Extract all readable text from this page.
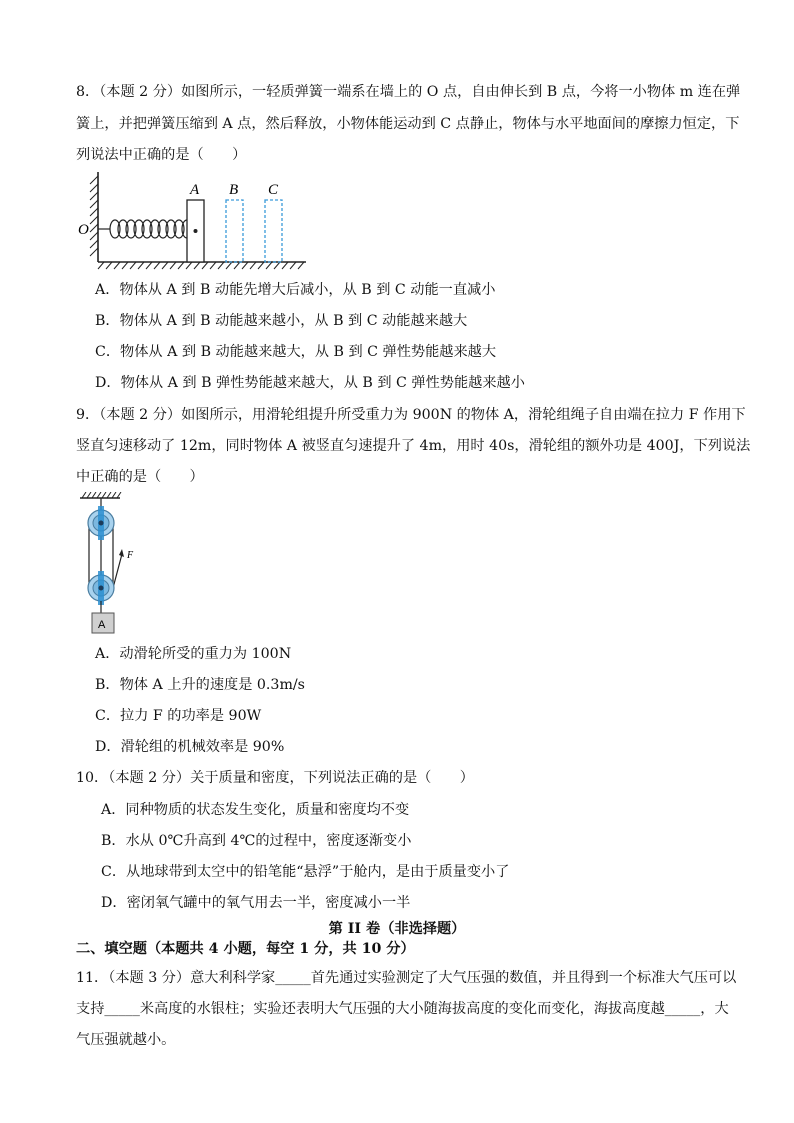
8．（本题 2 分）如图所示，一轻质弹簧一端系在墙上的 O 点，自由伸长到 B 点，今将一小物体 m 连在弹
簧上，并把弹簧压缩到 A 点，然后释放，小物体能运动到 C 点静止，物体与水平地面间的摩擦力恒定，下
列说法中正确的是（　　）
O
A B C
A．物体从 A 到 B 动能先增大后减小，从 B 到 C 动能一直减小
B．物体从 A 到 B 动能越来越小，从 B 到 C 动能越来越大
C．物体从 A 到 B 动能越来越大，从 B 到 C 弹性势能越来越大
D．物体从 A 到 B 弹性势能越来越大，从 B 到 C 弹性势能越来越小
9．（本题 2 分）如图所示，用滑轮组提升所受重力为 900N 的物体 A，滑轮组绳子自由端在拉力 F 作用下
竖直匀速移动了 12m，同时物体 A 被竖直匀速提升了 4m，用时 40s，滑轮组的额外功是 400J，下列说法
中正确的是（　　）
F
A
A．动滑轮所受的重力为 100N
B．物体 A 上升的速度是 0.3m/s
C．拉力 F 的功率是 90W
D．滑轮组的机械效率是 90%
10．（本题 2 分）关于质量和密度，下列说法正确的是（　　）
A．同种物质的状态发生变化，质量和密度均不变
B．水从 0℃升高到 4℃的过程中，密度逐渐变小
C．从地球带到太空中的铅笔能“悬浮”于舱内，是由于质量变小了
D．密闭氧气罐中的氧气用去一半，密度减小一半
第 II 卷（非选择题）
二、填空题（本题共 4 小题，每空 1 分，共 10 分）
11．（本题 3 分）意大利科学家_____首先通过实验测定了大气压强的数值，并且得到一个标准大气压可以
支持_____米高度的水银柱；实验还表明大气压强的大小随海拔高度的变化而变化，海拔高度越_____，大
气压强就越小。
